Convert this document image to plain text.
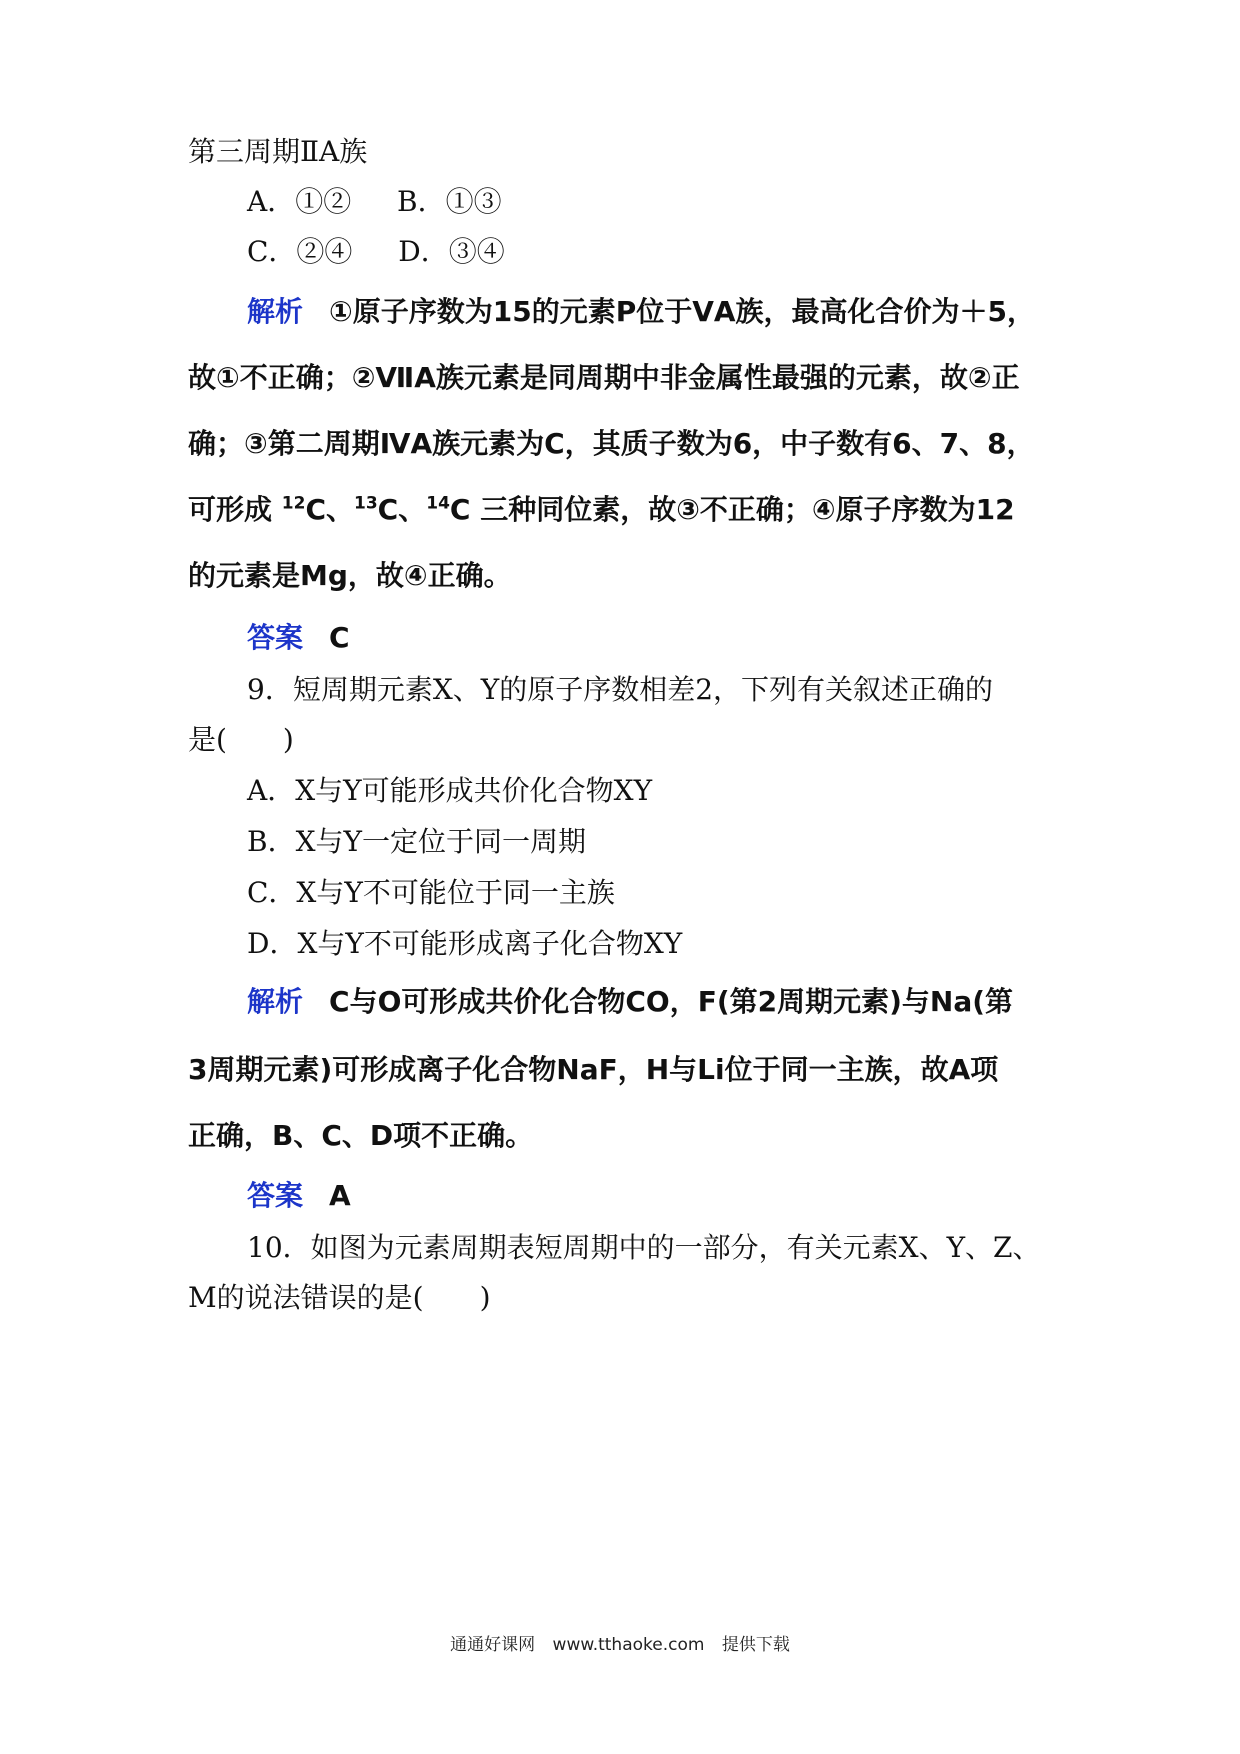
第三周期ⅡA族
A．①② B．①③
C．②④ D．③④
解析 ①原子序数为15的元素P位于ⅤA族，最高化合价为＋5，
故①不正确；②ⅦA族元素是同周期中非金属性最强的元素，故②正
确；③第二周期ⅣA族元素为C，其质子数为6，中子数有6、7、8，
可形成 $^{12}$C、$^{13}$C、$^{14}$C 三种同位素，故③不正确；④原子序数为12
的元素是Mg，故④正确。
答案 C
9．短周期元素X、Y的原子序数相差2，下列有关叙述正确的
是(　　)
A．X与Y可能形成共价化合物XY
B．X与Y一定位于同一周期
C．X与Y不可能位于同一主族
D．X与Y不可能形成离子化合物XY
解析 C与O可形成共价化合物CO，F(第2周期元素)与Na(第
3周期元素)可形成离子化合物NaF，H与Li位于同一主族，故A项
正确，B、C、D项不正确。
答案 A
10．如图为元素周期表短周期中的一部分，有关元素X、Y、Z、
M的说法错误的是(　　)
通通好课网 www.tthaoke.com 提供下载
